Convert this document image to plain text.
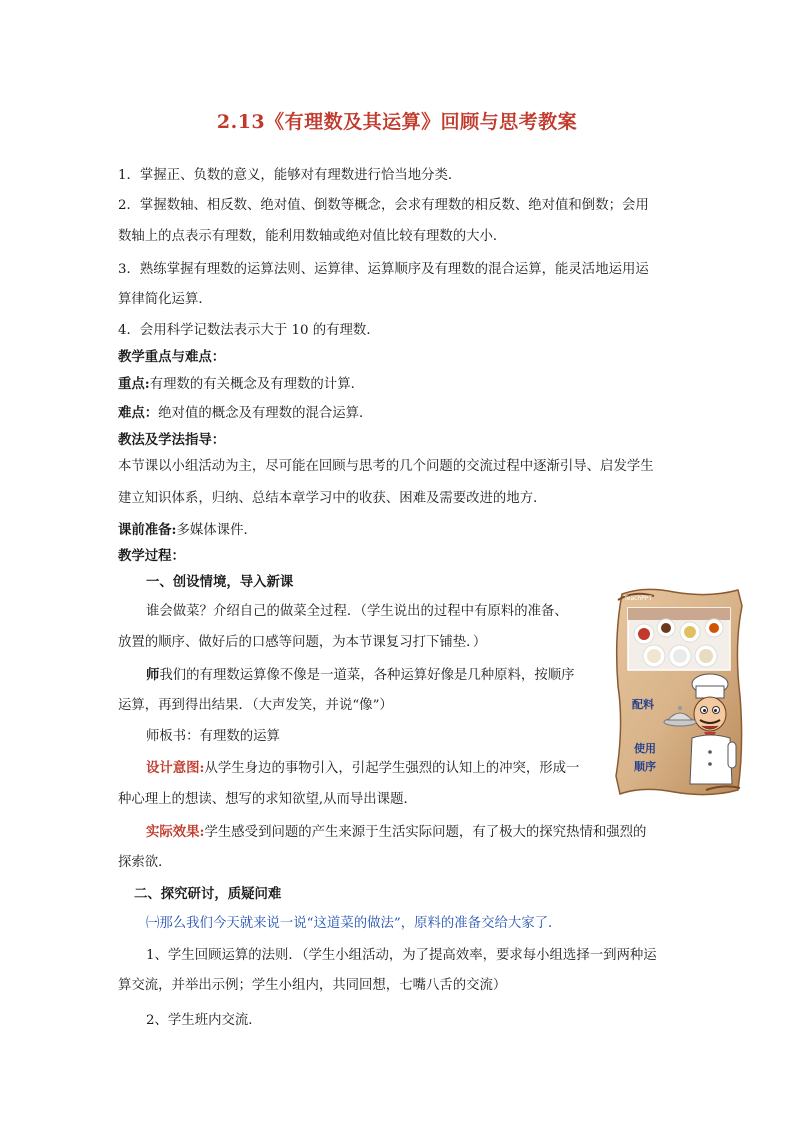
2.13《有理数及其运算》回顾与思考教案
1．掌握正、负数的意义，能够对有理数进行恰当地分类．
2．掌握数轴、相反数、绝对值、倒数等概念，会求有理数的相反数、绝对值和倒数；会用
数轴上的点表示有理数，能利用数轴或绝对值比较有理数的大小．
3．熟练掌握有理数的运算法则、运算律、运算顺序及有理数的混合运算，能灵活地运用运
算律简化运算．
4．会用科学记数法表示大于 10 的有理数．
教学重点与难点：
重点:有理数的有关概念及有理数的计算．
难点：绝对值的概念及有理数的混合运算．
教法及学法指导：
本节课以小组活动为主，尽可能在回顾与思考的几个问题的交流过程中逐渐引导、启发学生
建立知识体系，归纳、总结本章学习中的收获、困难及需要改进的地方．
课前准备:多媒体课件．
教学过程：
一、创设情境，导入新课
谁会做菜？介绍自己的做菜全过程．（学生说出的过程中有原料的准备、
放置的顺序、做好后的口感等问题，为本节课复习打下铺垫．）
师我们的有理数运算像不像是一道菜，各种运算好像是几种原料，按顺序
运算，再到得出结果．（大声发笑，并说“像”）
师板书：有理数的运算
设计意图:从学生身边的事物引入，引起学生强烈的认知上的冲突，形成一
种心理上的想读、想写的求知欲望,从而导出课题．
实际效果:学生感受到问题的产生来源于生活实际问题，有了极大的探究热情和强烈的
探索欲．
二、探究研讨，质疑问难
㈠那么我们今天就来说一说“这道菜的做法”，原料的准备交给大家了．
1、学生回顾运算的法则．（学生小组活动，为了提高效率，要求每小组选择一到两种运
算交流，并举出示例；学生小组内，共同回想，七嘴八舌的交流）
2、学生班内交流．
TeachPPT
配料
使用
顺序
